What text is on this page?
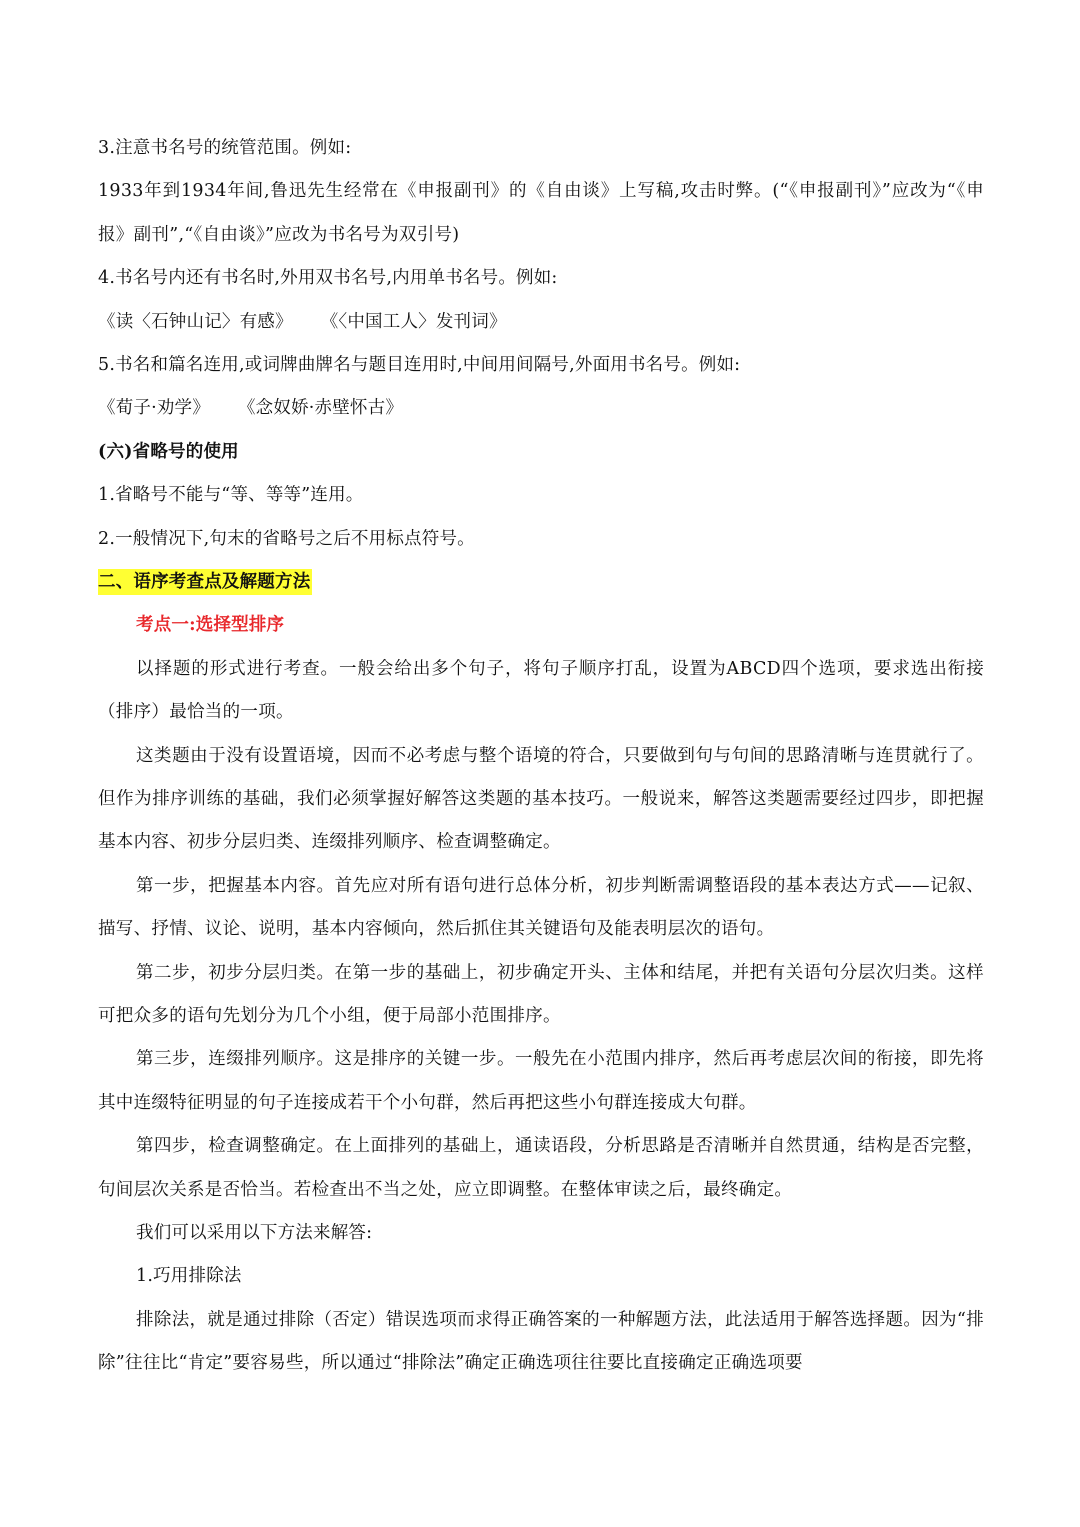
3.注意书名号的统管范围。例如:
1933年到1934年间,鲁迅先生经常在《申报副刊》的《自由谈》上写稿,攻击时弊。(“《申报副刊》”应改为“《申报》副刊”,“《自由谈》”应改为书名号为双引号)
4.书名号内还有书名时,外用双书名号,内用单书名号。例如:
《读〈石钟山记〉有感》 《〈中国工人〉发刊词》
5.书名和篇名连用,或词牌曲牌名与题目连用时,中间用间隔号,外面用书名号。例如:
《荀子·劝学》 《念奴娇·赤壁怀古》
(六)省略号的使用
1.省略号不能与“等、等等”连用。
2.一般情况下,句末的省略号之后不用标点符号。
二、语序考查点及解题方法
考点一:选择型排序
以择题的形式进行考查。一般会给出多个句子，将句子顺序打乱，设置为ABCD四个选项，要求选出衔接（排序）最恰当的一项。
这类题由于没有设置语境，因而不必考虑与整个语境的符合，只要做到句与句间的思路清晰与连贯就行了。但作为排序训练的基础，我们必须掌握好解答这类题的基本技巧。一般说来，解答这类题需要经过四步，即把握基本内容、初步分层归类、连缀排列顺序、检查调整确定。
第一步，把握基本内容。首先应对所有语句进行总体分析，初步判断需调整语段的基本表达方式——记叙、描写、抒情、议论、说明，基本内容倾向，然后抓住其关键语句及能表明层次的语句。
第二步，初步分层归类。在第一步的基础上，初步确定开头、主体和结尾，并把有关语句分层次归类。这样可把众多的语句先划分为几个小组，便于局部小范围排序。
第三步，连缀排列顺序。这是排序的关键一步。一般先在小范围内排序，然后再考虑层次间的衔接，即先将其中连缀特征明显的句子连接成若干个小句群，然后再把这些小句群连接成大句群。
第四步，检查调整确定。在上面排列的基础上，通读语段，分析思路是否清晰并自然贯通，结构是否完整，句间层次关系是否恰当。若检查出不当之处，应立即调整。在整体审读之后，最终确定。
我们可以采用以下方法来解答:
1.巧用排除法
排除法，就是通过排除（否定）错误选项而求得正确答案的一种解题方法，此法适用于解答选择题。因为“排除”往往比“肯定”要容易些，所以通过“排除法”确定正确选项往往要比直接确定正确选项要
